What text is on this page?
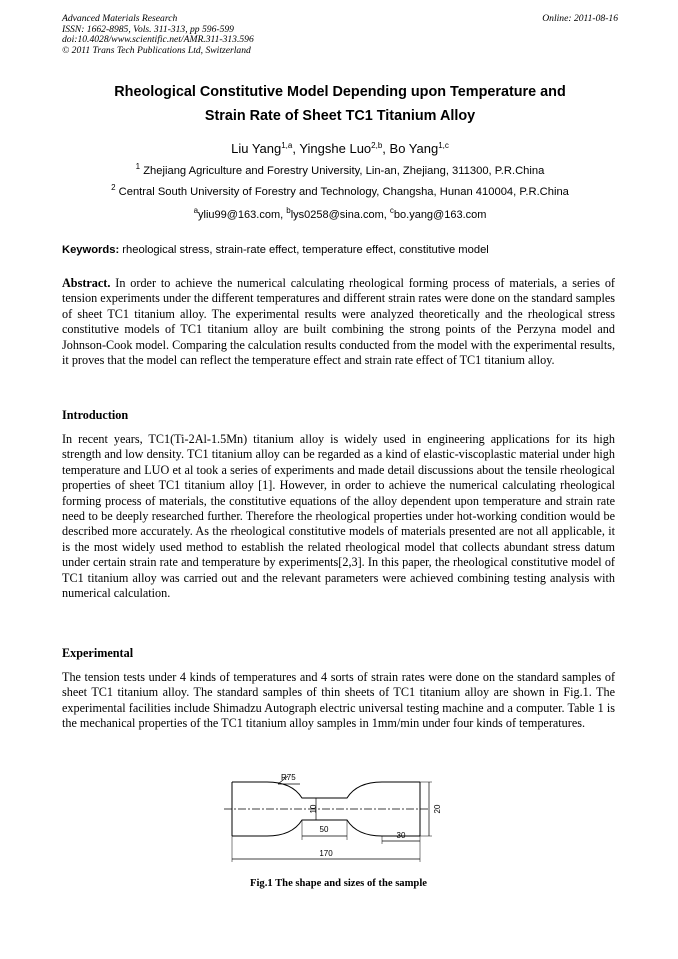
Advanced Materials Research
ISSN: 1662-8985, Vols. 311-313, pp 596-599
doi:10.4028/www.scientific.net/AMR.311-313.596
© 2011 Trans Tech Publications Ltd, Switzerland
Online: 2011-08-16
Rheological Constitutive Model Depending upon Temperature and
Strain Rate of Sheet TC1 Titanium Alloy
Liu Yang$^{1,a}$, Yingshe Luo$^{2,b}$, Bo Yang$^{1,c}$
$^1$ Zhejiang Agriculture and Forestry University, Lin-an, Zhejiang, 311300, P.R.China
$^2$ Central South University of Forestry and Technology, Changsha, Hunan 410004, P.R.China
$^a$yliu99@163.com, $^b$lys0258@sina.com, $^c$bo.yang@163.com
Keywords: rheological stress, strain-rate effect, temperature effect, constitutive model
Abstract. In order to achieve the numerical calculating rheological forming process of materials, a series of tension experiments under the different temperatures and different strain rates were done on the standard samples of sheet TC1 titanium alloy. The experimental results were analyzed theoretically and the rheological stress constitutive models of TC1 titanium alloy are built combining the strong points of the Perzyna model and Johnson-Cook model. Comparing the calculation results conducted from the model with the experimental results, it proves that the model can reflect the temperature effect and strain rate effect of TC1 titanium alloy.
Introduction
In recent years, TC1(Ti-2Al-1.5Mn) titanium alloy is widely used in engineering applications for its high strength and low density. TC1 titanium alloy can be regarded as a kind of elastic-viscoplastic material under high temperature and LUO et al took a series of experiments and made detail discussions about the tensile rheological properties of sheet TC1 titanium alloy [1]. However, in order to achieve the numerical calculating rheological forming process of materials, the constitutive equations of the alloy dependent upon temperature and strain rate need to be deeply researched further. Therefore the rheological properties under hot-working condition would be described more accurately. As the rheological constitutive models of materials presented are not all applicable, it is the most widely used method to establish the related rheological model that collects abundant stress datum under certain strain rate and temperature by experiments[2,3]. In this paper, the rheological constitutive model of TC1 titanium alloy was carried out and the relevant parameters were achieved combining testing analysis with numerical calculation.
Experimental
The tension tests under 4 kinds of temperatures and 4 sorts of strain rates were done on the standard samples of sheet TC1 titanium alloy. The standard samples of thin sheets of TC1 titanium alloy are shown in Fig.1. The experimental facilities include Shimadzu Autograph electric universal testing machine and a computer. Table 1 is the mechanical properties of the TC1 titanium alloy samples in 1mm/min under four kinds of temperatures.
R75
10	20
50
30
170
Fig.1 The shape and sizes of the sample
